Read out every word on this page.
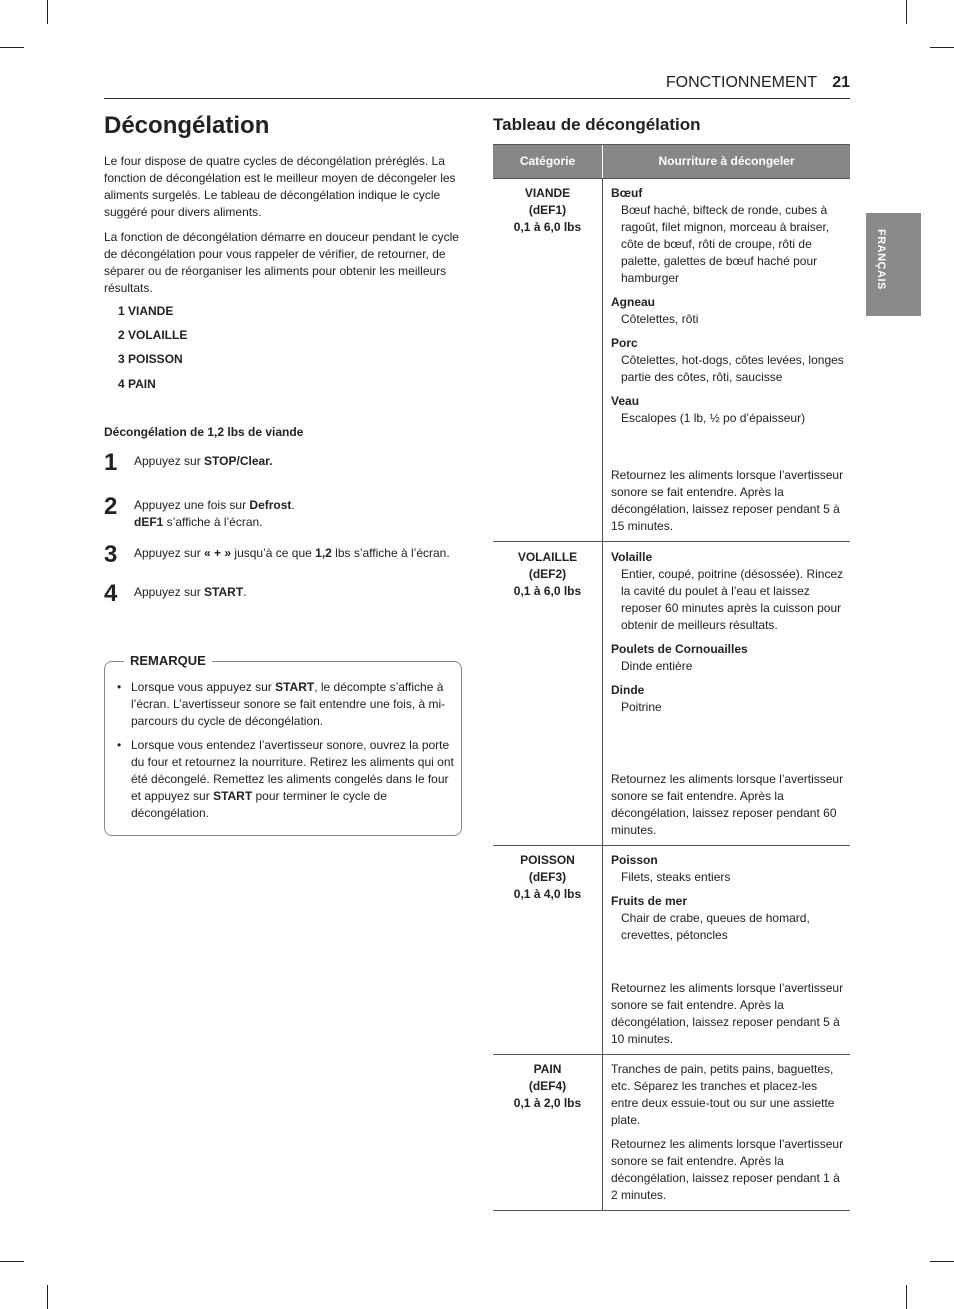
FONCTIONNEMENT 21
FRANÇAIS
Décongélation
Le four dispose de quatre cycles de décongélation préréglés. La fonction de décongélation est le meilleur moyen de décongeler les aliments surgelés. Le tableau de décongélation indique le cycle suggéré pour divers aliments.
La fonction de décongélation démarre en douceur pendant le cycle de décongélation pour vous rappeler de vérifier, de retourner, de séparer ou de réorganiser les aliments pour obtenir les meilleurs résultats.
1 VIANDE
2 VOLAILLE
3 POISSON
4 PAIN
Décongélation de 1,2 lbs de viande
1 Appuyez sur STOP/Clear.
2 Appuyez une fois sur Defrost.
dEF1 s’affiche à l’écran.
3 Appuyez sur « + » jusqu’à ce que 1,2 lbs s’affiche à l’écran.
4 Appuyez sur START.
REMARQUE
• Lorsque vous appuyez sur START, le décompte s’affiche à l’écran. L’avertisseur sonore se fait entendre une fois, à mi-parcours du cycle de décongélation.
• Lorsque vous entendez l’avertisseur sonore, ouvrez la porte du four et retournez la nourriture. Retirez les aliments qui ont été décongelé. Remettez les aliments congelés dans le four et appuyez sur START pour terminer le cycle de décongélation.
Tableau de décongélation
Catégorie	Nourriture à décongeler
VIANDE
(dEF1)
0,1 à 6,0 lbs
Bœuf
Bœuf haché, bifteck de ronde, cubes à ragoût, filet mignon, morceau à braiser, côte de bœuf, rôti de croupe, rôti de palette, galettes de bœuf haché pour hamburger
Agneau
Côtelettes, rôti
Porc
Côtelettes, hot-dogs, côtes levées, longes partie des côtes, rôti, saucisse
Veau
Escalopes (1 lb, ½ po d’épaisseur)
Retournez les aliments lorsque l’avertisseur sonore se fait entendre. Après la décongélation, laissez reposer pendant 5 à 15 minutes.
VOLAILLE
(dEF2)
0,1 à 6,0 lbs
Volaille
Entier, coupé, poitrine (désossée). Rincez la cavité du poulet à l’eau et laissez reposer 60 minutes après la cuisson pour obtenir de meilleurs résultats.
Poulets de Cornouailles
Dinde entière
Dinde
Poitrine
Retournez les aliments lorsque l’avertisseur sonore se fait entendre. Après la décongélation, laissez reposer pendant 60 minutes.
POISSON
(dEF3)
0,1 à 4,0 lbs
Poisson
Filets, steaks entiers
Fruits de mer
Chair de crabe, queues de homard, crevettes, pétoncles
Retournez les aliments lorsque l’avertisseur sonore se fait entendre. Après la décongélation, laissez reposer pendant 5 à 10 minutes.
PAIN
(dEF4)
0,1 à 2,0 lbs
Tranches de pain, petits pains, baguettes, etc. Séparez les tranches et placez-les entre deux essuie-tout ou sur une assiette plate.
Retournez les aliments lorsque l’avertisseur sonore se fait entendre. Après la décongélation, laissez reposer pendant 1 à 2 minutes.
